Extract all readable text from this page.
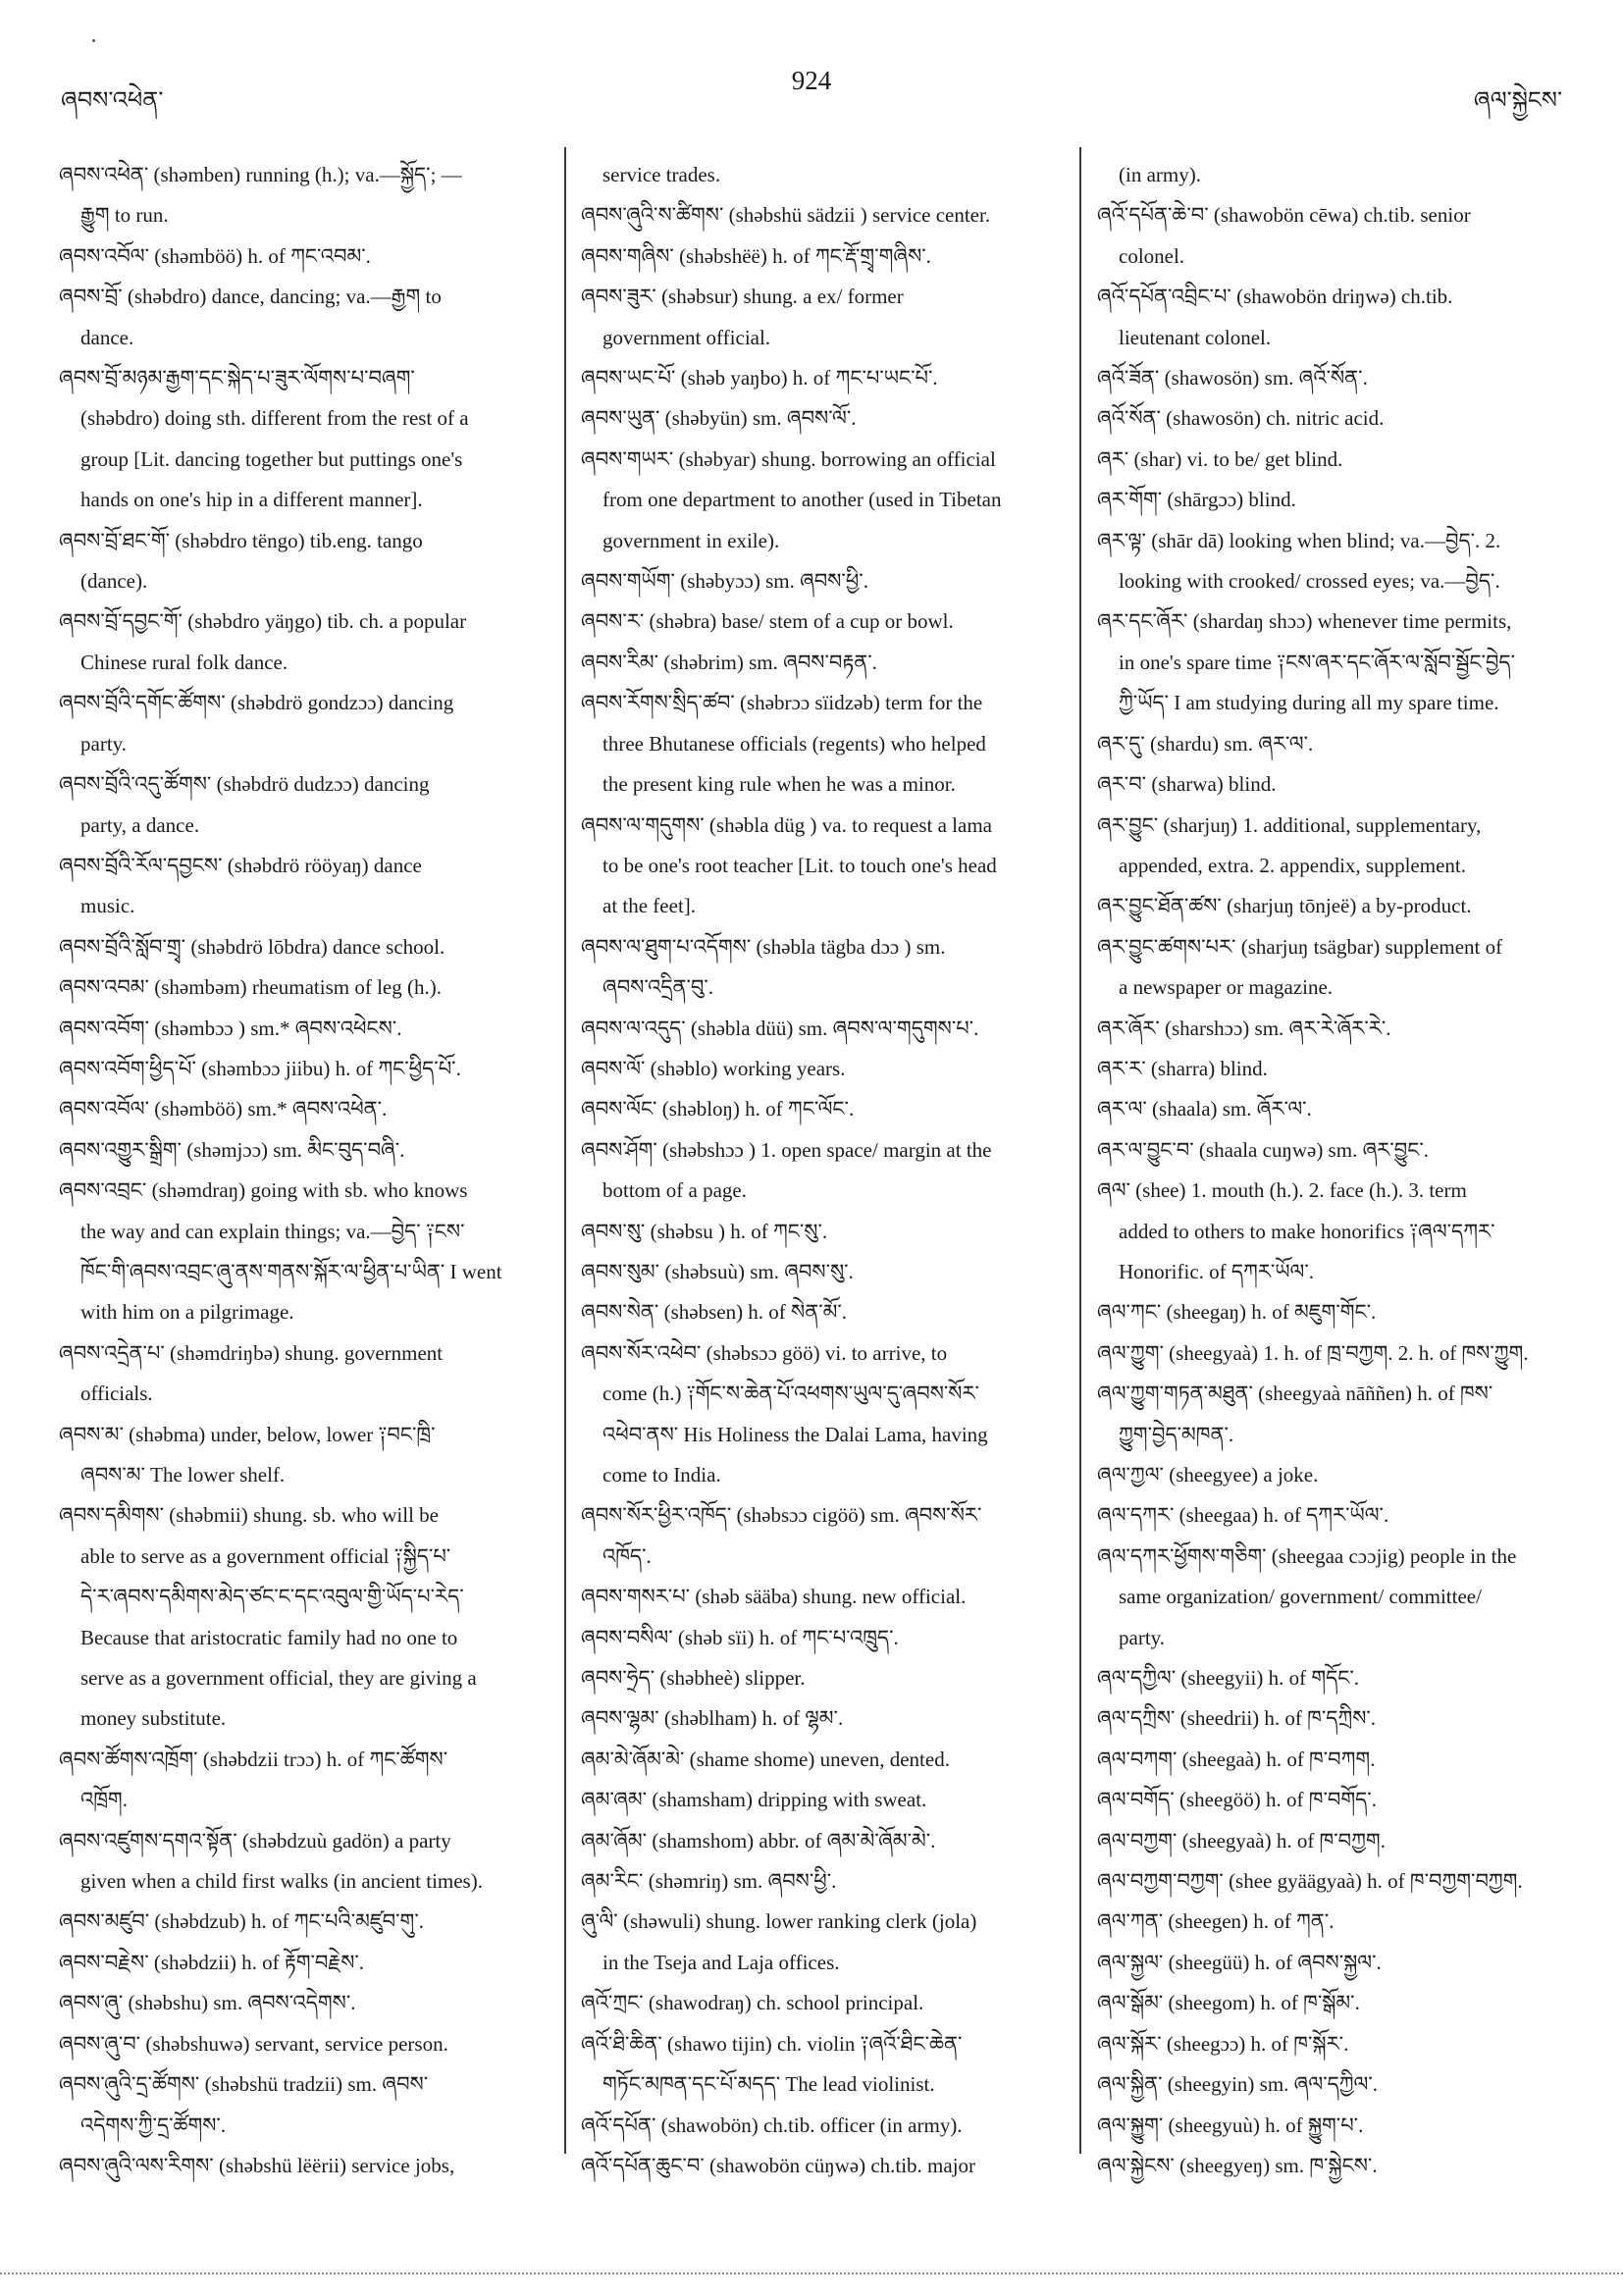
ཞབས་འཕེན་
924
ཞལ་སྐྱེངས་
ཞབས་འཕེན་ (shəmben) running (h.); va.—སྐྱོད་; —
རྒྱུག to run.
ཞབས་འབོལ་ (shəmböö) h. of ཀང་འབམ་.
ཞབས་བྲོ་ (shəbdro) dance, dancing; va.—རྒྱག to
dance.
ཞབས་བྲོ་མཉམ་རྒྱག་དང་སྐེད་པ་ཟུར་ལོགས་པ་བཞག་
(shəbdro) doing sth. different from the rest of a
group [Lit. dancing together but puttings one's
hands on one's hip in a different manner].
ཞབས་བྲོ་ཐང་གོ་ (shəbdro tëngo) tib.eng. tango
(dance).
ཞབས་བྲོ་དབྱང་གོ་ (shəbdro yäŋgo) tib. ch. a popular
Chinese rural folk dance.
ཞབས་བྲོའི་དགོང་ཚོགས་ (shəbdrö gondzɔɔ) dancing
party.
ཞབས་བྲོའི་འདུ་ཚོགས་ (shəbdrö dudzɔɔ) dancing
party, a dance.
ཞབས་བྲོའི་རོལ་དབྱངས་ (shəbdrö rööyaŋ) dance
music.
ཞབས་བྲོའི་སློབ་གྲྭ་ (shəbdrö lōbdra) dance school.
ཞབས་འབམ་ (shəmbəm) rheumatism of leg (h.).
ཞབས་འབོག་ (shəmbɔɔ ) sm.* ཞབས་འཕེངས་.
ཞབས་འབོག་ཕྱིད་པོ་ (shəmbɔɔ jiibu) h. of ཀང་ཕྱིད་པོ་.
ཞབས་འབོལ་ (shəmböö) sm.* ཞབས་འཕེན་.
ཞབས་འགྱུར་སྒྲིག་ (shəmjɔɔ) sm. མིང་བུད་བཞི་.
ཞབས་འབྲང་ (shəmdraŋ) going with sb. who knows
the way and can explain things; va.—བྱེད་ ༑ངས་
ཁོང་གི་ཞབས་འབྲང་ཞུ་ནས་གནས་སྐོར་ལ་ཕྱིན་པ་ཡིན་ I went
with him on a pilgrimage.
ཞབས་འདྲེན་པ་ (shəmdriŋbə) shung. government
officials.
ཞབས་མ་ (shəbma) under, below, lower ༑བང་ཁྲི་
ཞབས་མ་ The lower shelf.
ཞབས་དམིགས་ (shəbmii) shung. sb. who will be
able to serve as a government official ༑སྐྱིད་པ་
དེ་ར་ཞབས་དམིགས་མེད་ཙང་ང་དང་འབུལ་གྱི་ཡོད་པ་རེད་
Because that aristocratic family had no one to
serve as a government official, they are giving a
money substitute.
ཞབས་ཚོགས་འཁྲོག་ (shəbdzii trɔɔ) h. of ཀང་ཚོགས་
འཁྲོག.
ཞབས་འཛུགས་དགའ་སྟོན་ (shəbdzuù gadön) a party
given when a child first walks (in ancient times).
ཞབས་མཛུབ་ (shəbdzub) h. of ཀང་པའི་མཛུབ་གུ་.
ཞབས་བརྗེས་ (shəbdzii) h. of རྟོག་བརྗེས་.
ཞབས་ཞུ་ (shəbshu) sm. ཞབས་འདེགས་.
ཞབས་ཞུ་བ་ (shəbshuwə) servant, service person.
ཞབས་ཞུའི་དྲ་ཚོགས་ (shəbshü tradzii) sm. ཞབས་
འདེགས་ཀྱི་དྲ་ཚོགས་.
ཞབས་ཞུའི་ལས་རིགས་ (shəbshü lëërii) service jobs,
service trades.
ཞབས་ཞུའི་ས་ཚིགས་ (shəbshü sädzii ) service center.
ཞབས་གཞིས་ (shəbshëë) h. of ཀང་རྡོ་གྲྭ་གཞིས་.
ཞབས་ཟུར་ (shəbsur) shung. a ex/ former
government official.
ཞབས་ཡང་པོ་ (shəb yaŋbo) h. of ཀང་པ་ཡང་པོ་.
ཞབས་ཡུན་ (shəbyün) sm. ཞབས་ལོ་.
ཞབས་གཡར་ (shəbyar) shung. borrowing an official
from one department to another (used in Tibetan
government in exile).
ཞབས་གཡོག་ (shəbyɔɔ) sm. ཞབས་ཕྱི་.
ཞབས་ར་ (shəbra) base/ stem of a cup or bowl.
ཞབས་རིམ་ (shəbrim) sm. ཞབས་བརྟན་.
ཞབས་རོགས་སྲིད་ཚབ་ (shəbrɔɔ sïidzəb) term for the
three Bhutanese officials (regents) who helped
the present king rule when he was a minor.
ཞབས་ལ་གདུགས་ (shəbla düg ) va. to request a lama
to be one's root teacher [Lit. to touch one's head
at the feet].
ཞབས་ལ་ཐུག་པ་འདོགས་ (shəbla tägba dɔɔ ) sm.
ཞབས་འདྲིན་བུ་.
ཞབས་ལ་འདུད་ (shəbla düü) sm. ཞབས་ལ་གདུགས་པ་.
ཞབས་ལོ་ (shəblo) working years.
ཞབས་ལོང་ (shəbloŋ) h. of ཀང་ལོང་.
ཞབས་ཤོག་ (shəbshɔɔ ) 1. open space/ margin at the
bottom of a page.
ཞབས་སུ་ (shəbsu ) h. of ཀང་སུ་.
ཞབས་སུམ་ (shəbsuù) sm. ཞབས་སུ་.
ཞབས་སེན་ (shəbsen) h. of སེན་མོ་.
ཞབས་སོར་འཕེབ་ (shəbsɔɔ göö) vi. to arrive, to
come (h.) ༑གོང་ས་ཆེན་པོ་འཕགས་ཡུལ་དུ་ཞབས་སོར་
འཕེབ་ནས་ His Holiness the Dalai Lama, having
come to India.
ཞབས་སོར་ཕྱིར་འཁོད་ (shəbsɔɔ cigöö) sm. ཞབས་སོར་
འཁོད་.
ཞབས་གསར་པ་ (shəb sääba) shung. new official.
ཞབས་བསིལ་ (shəb sïi) h. of ཀང་པ་འཁྲུད་.
ཞབས་ཧྲེད་ (shəbheè) slipper.
ཞབས་ལྷམ་ (shəblham) h. of ལྷམ་.
ཞམ་མེ་ཞོམ་མེ་ (shame shome) uneven, dented.
ཞམ་ཞམ་ (shamsham) dripping with sweat.
ཞམ་ཞོམ་ (shamshom) abbr. of ཞམ་མེ་ཞོམ་མེ་.
ཞམ་རིང་ (shəmriŋ) sm. ཞབས་ཕྱི་.
ཞུ་ལི་ (shəwuli) shung. lower ranking clerk (jola)
in the Tseja and Laja offices.
ཞའོ་ཀྲང་ (shawodraŋ) ch. school principal.
ཞའོ་ཐི་ཆིན་ (shawo tijin) ch. violin ༑ཞའོ་ཐིང་ཆེན་
གཏོང་མཁན་དང་པོ་མདད་ The lead violinist.
ཞའོ་དཔོན་ (shawobön) ch.tib. officer (in army).
ཞའོ་དཔོན་ཆུང་བ་ (shawobön cüŋwə) ch.tib. major
(in army).
ཞའོ་དཔོན་ཆེ་བ་ (shawobön cēwa) ch.tib. senior
colonel.
ཞའོ་དཔོན་འབྲིང་པ་ (shawobön driŋwə) ch.tib.
lieutenant colonel.
ཞའོ་ཟོན་ (shawosön) sm. ཞའོ་སོན་.
ཞའོ་སོན་ (shawosön) ch. nitric acid.
ཞར་ (shar) vi. to be/ get blind.
ཞར་གོག་ (shārgɔɔ) blind.
ཞར་ལྟ་ (shār dā) looking when blind; va.—བྱེད་. 2.
looking with crooked/ crossed eyes; va.—བྱེད་.
ཞར་དང་ཞོར་ (shardaŋ shɔɔ) whenever time permits,
in one's spare time ༑ངས་ཞར་དང་ཞོར་ལ་སློབ་སྦྱོང་བྱེད་
ཀྱི་ཡོད་ I am studying during all my spare time.
ཞར་དུ་ (shardu) sm. ཞར་ལ་.
ཞར་བ་ (sharwa) blind.
ཞར་བྱུང་ (sharjuŋ) 1. additional, supplementary,
appended, extra. 2. appendix, supplement.
ཞར་བྱུང་ཐོན་ཚས་ (sharjuŋ tōnjeë) a by-product.
ཞར་བྱུང་ཚགས་པར་ (sharjuŋ tsägbar) supplement of
a newspaper or magazine.
ཞར་ཞོར་ (sharshɔɔ) sm. ཞར་རེ་ཞོར་རེ་.
ཞར་ར་ (sharra) blind.
ཞར་ལ་ (shaala) sm. ཞོར་ལ་.
ཞར་ལ་བྱུང་བ་ (shaala cuŋwə) sm. ཞར་བྱུང་.
ཞལ་ (shee) 1. mouth (h.). 2. face (h.). 3. term
added to others to make honorifics ༑ཞལ་དཀར་
Honorific. of དཀར་ཡོལ་.
ཞལ་ཀང་ (sheegaŋ) h. of མཇུག་གོང་.
ཞལ་ཀྱུག་ (sheegyaà) 1. h. of ཁྲ་བཀྱག. 2. h. of ཁས་ཀྱུག.
ཞལ་ཀྱུག་གཏན་མཐུན་ (sheegyaà nāññen) h. of ཁས་
ཀྱུག་བྱེད་མཁན་.
ཞལ་ཀྱལ་ (sheegyee) a joke.
ཞལ་དཀར་ (sheegaa) h. of དཀར་ཡོལ་.
ཞལ་དཀར་ཕྱོགས་གཅིག་ (sheegaa cɔɔjig) people in the
same organization/ government/ committee/
party.
ཞལ་དཀྱིལ་ (sheegyii) h. of གདོང་.
ཞལ་དཀྲིས་ (sheedrii) h. of ཁ་དཀྲིས་.
ཞལ་བཀག་ (sheegaà) h. of ཁ་བཀག.
ཞལ་བགོད་ (sheegöö) h. of ཁ་བགོད་.
ཞལ་བཀྱག་ (sheegyaà) h. of ཁ་བཀྱག.
ཞལ་བཀྱག་བཀྱག་ (shee gyäägyaà) h. of ཁ་བཀྱག་བཀྱག.
ཞལ་ཀན་ (sheegen) h. of ཀན་.
ཞལ་སྐྱལ་ (sheegüü) h. of ཞབས་སྐྱལ་.
ཞལ་སྒོམ་ (sheegom) h. of ཁ་སྒོམ་.
ཞལ་སྐོར་ (sheegɔɔ) h. of ཁ་སྐོར་.
ཞལ་སྐྱིན་ (sheegyin) sm. ཞལ་དཀྱིལ་.
ཞལ་སྐྱུག་ (sheegyuù) h. of སྐྱུག་པ་.
ཞལ་སྐྱེངས་ (sheegyeŋ) sm. ཁ་སྐྱེངས་.
